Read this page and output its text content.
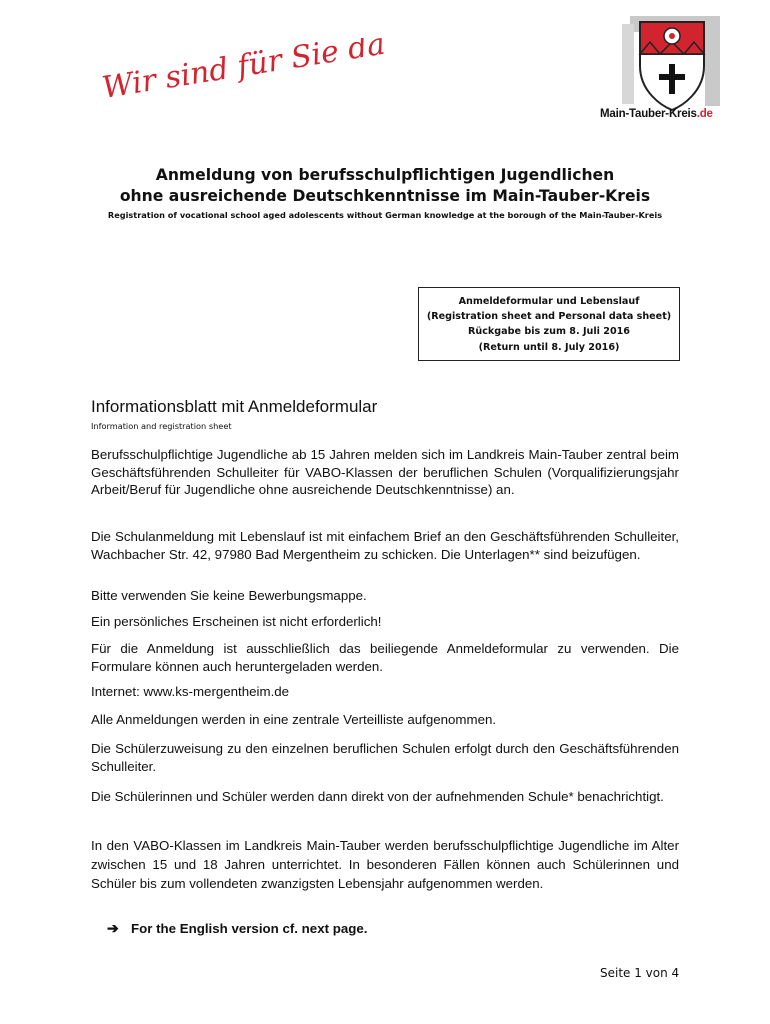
Wir sind für Sie da
Main-Tauber-Kreis.de
Anmeldung von berufsschulpflichtigen Jugendlichen
ohne ausreichende Deutschkenntnisse im Main-Tauber-Kreis
Registration of vocational school aged adolescents without German knowledge at the borough of the Main-Tauber-Kreis
Anmeldeformular und Lebenslauf
(Registration sheet and Personal data sheet)
Rückgabe bis zum 8. Juli 2016
(Return until 8. July 2016)
Informationsblatt mit Anmeldeformular
Information and registration sheet
Berufsschulpflichtige Jugendliche ab 15 Jahren melden sich im Landkreis Main-Tauber zentral beim Geschäftsführenden Schulleiter für VABO-Klassen der beruflichen Schulen (Vorqualifizierungsjahr Arbeit/Beruf für Jugendliche ohne ausreichende Deutschkenntnisse) an.
Die Schulanmeldung mit Lebenslauf ist mit einfachem Brief an den Geschäftsführenden Schulleiter, Wachbacher Str. 42, 97980 Bad Mergentheim zu schicken. Die Unterlagen** sind beizufügen.
Bitte verwenden Sie keine Bewerbungsmappe.
Ein persönliches Erscheinen ist nicht erforderlich!
Für die Anmeldung ist ausschließlich das beiliegende Anmeldeformular zu verwenden. Die Formulare können auch heruntergeladen werden.
Internet: www.ks-mergentheim.de
Alle Anmeldungen werden in eine zentrale Verteilliste aufgenommen.
Die Schülerzuweisung zu den einzelnen beruflichen Schulen erfolgt durch den Geschäftsführenden Schulleiter.
Die Schülerinnen und Schüler werden dann direkt von der aufnehmenden Schule* benachrichtigt.
In den VABO-Klassen im Landkreis Main-Tauber werden berufsschulpflichtige Jugendliche im Alter zwischen 15 und 18 Jahren unterrichtet. In besonderen Fällen können auch Schülerinnen und Schüler bis zum vollendeten zwanzigsten Lebensjahr aufgenommen werden.
➔ For the English version cf. next page.
Seite 1 von 4
